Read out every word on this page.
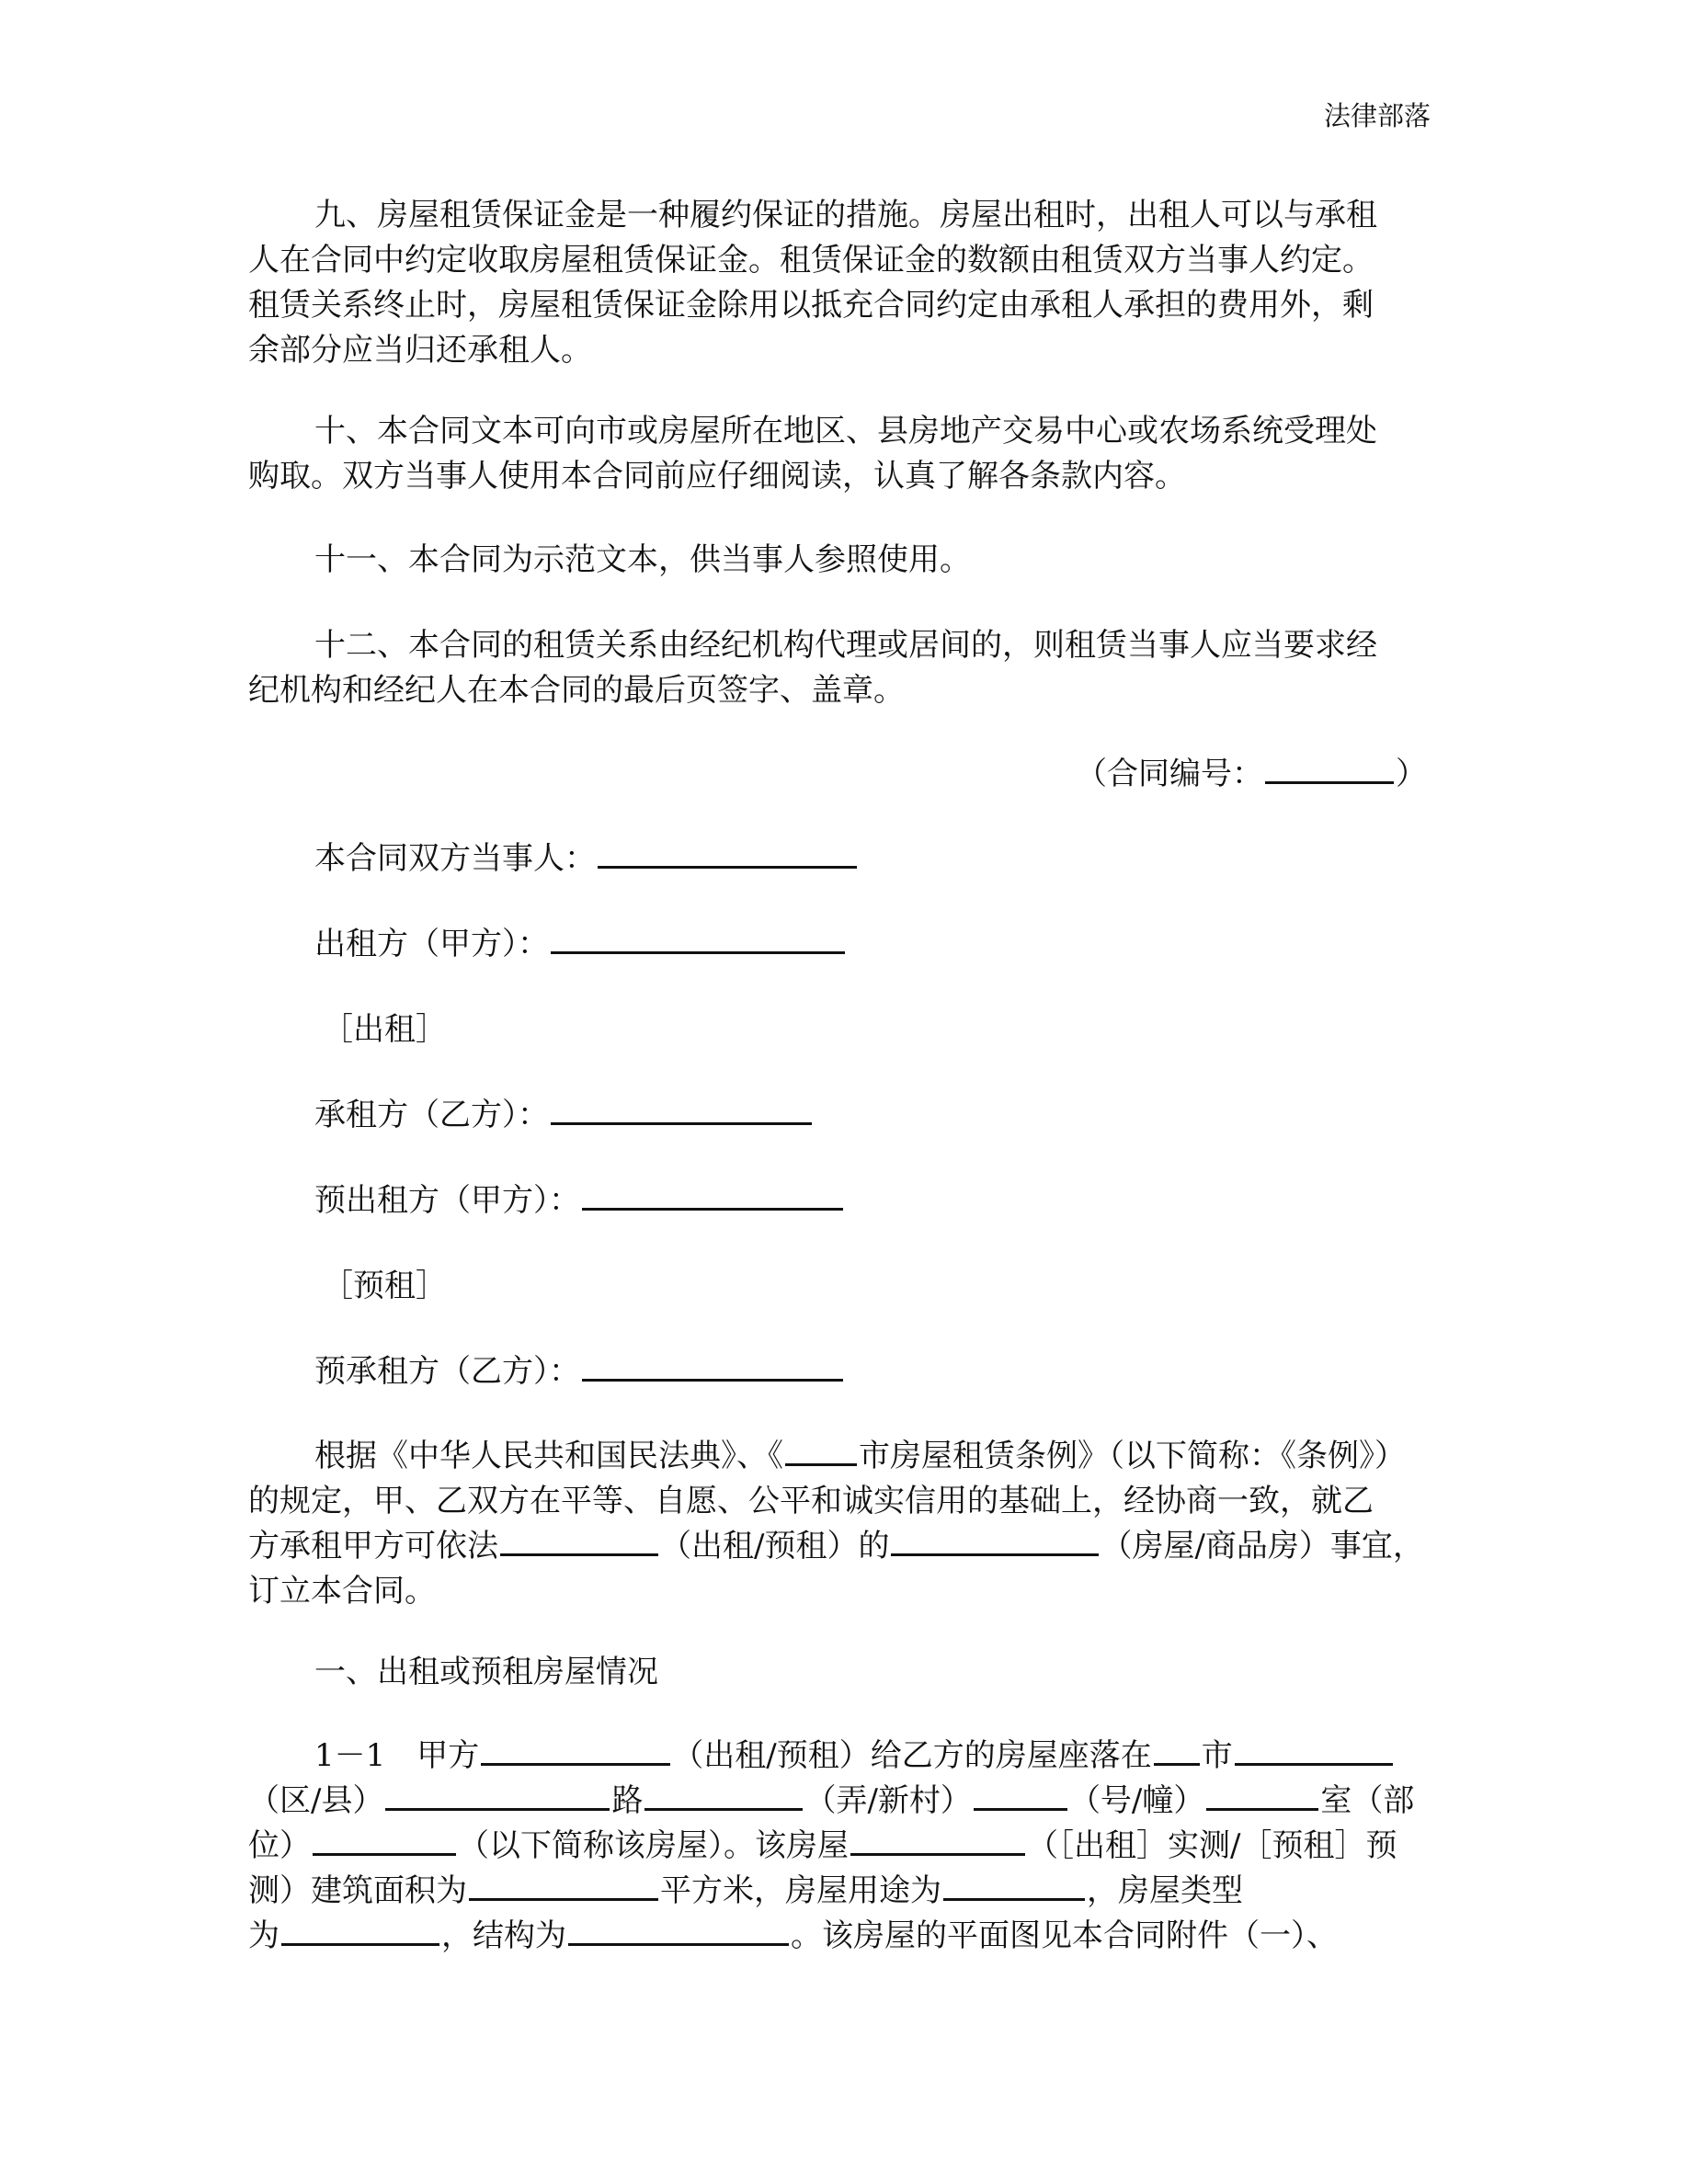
法律部落
九、房屋租赁保证金是一种履约保证的措施。房屋出租时，出租人可以与承租
人在合同中约定收取房屋租赁保证金。租赁保证金的数额由租赁双方当事人约定。
租赁关系终止时，房屋租赁保证金除用以抵充合同约定由承租人承担的费用外，剩
余部分应当归还承租人。
十、本合同文本可向市或房屋所在地区、县房地产交易中心或农场系统受理处
购取。双方当事人使用本合同前应仔细阅读，认真了解各条款内容。
十一、本合同为示范文本，供当事人参照使用。
十二、本合同的租赁关系由经纪机构代理或居间的，则租赁当事人应当要求经
纪机构和经纪人在本合同的最后页签字、盖章。
（合同编号：	）
本合同双方当事人：
出租方（甲方）：
［出租］
承租方（乙方）：
预出租方（甲方）：
［预租］
预承租方（乙方）：
根据《中华人民共和国民法典》、《 市房屋租赁条例》（以下简称：《条例》）
的规定，甲、乙双方在平等、自愿、公平和诚实信用的基础上，经协商一致，就乙
方承租甲方可依法	（出租/预租）的	（房屋/商品房）事宜，
订立本合同。
一、出租或预租房屋情况
1－1　甲方	（出租/预租）给乙方的房屋座落在 市
（区/县）	路	（弄/新村）	（号/幢）	室（部
位）	（以下简称该房屋）。该房屋	（［出租］实测/［预租］预
测）建筑面积为	平方米，房屋用途为	，房屋类型
为	，结构为	。该房屋的平面图见本合同附件（一）、
